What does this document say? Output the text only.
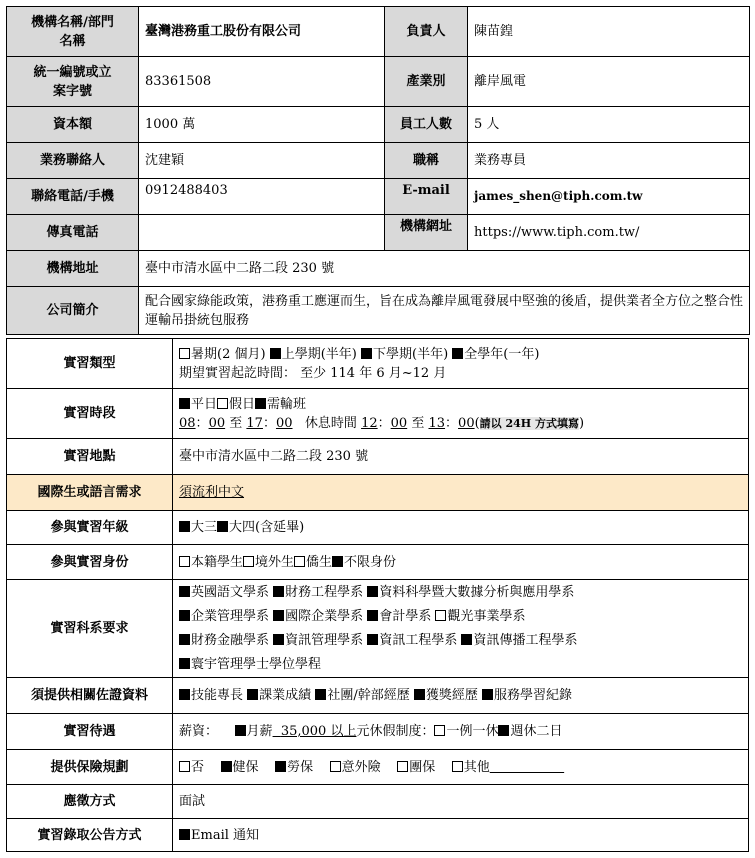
機構名稱/部門名稱	臺灣港務重工股份有限公司	負責人	陳苗鍠
統一編號或立案字號	83361508	產業別	離岸風電
資本額	1000 萬	員工人數	5 人
業務聯絡人	沈建穎	職稱	業務專員
聯絡電話/手機	0912488403	E-mail	james_shen@tiph.com.tw
傳真電話		機構網址	https://www.tiph.com.tw/
機構地址	臺中市清水區中二路二段 230 號		
公司簡介	配合國家綠能政策，港務重工應運而生，旨在成為離岸風電發展中堅強的後盾，提供業者全方位之整合性運輸吊掛統包服務		
實習類型	暑期(2 個月) 上學期(半年) 下學期(半年) 全學年(一年)
期望實習起訖時間： 至少 114 年 6 月~12 月

實習時段	平日 假日 需輪班
08：00 至 17：00 休息時間 12：00 至 13：00(請以 24H 方式填寫)

實習地點	臺中市清水區中二路二段 230 號
國際生或語言需求	須流利中文
參與實習年級	大三 大四(含延畢)
參與實習身份	本籍學生 境外生 僑生 不限身份
實習科系要求	英國語文學系 財務工程學系 資料科學暨大數據分析與應用學系
企業管理學系 國際企業學系 會計學系 觀光事業學系
財務金融學系 資訊管理學系 資訊工程學系 資訊傳播工程學系
寰宇管理學士學位學程

須提供相關佐證資料	技能專長 課業成績 社團/幹部經歷 獲獎經歷 服務學習紀錄
實習待遇	薪資： 月薪 35,000 以上元休假制度： 一例一休 週休二日
提供保險規劃	否 健保 勞保 意外險 團保 其他
應徵方式	面試
實習錄取公告方式	Email 通知
